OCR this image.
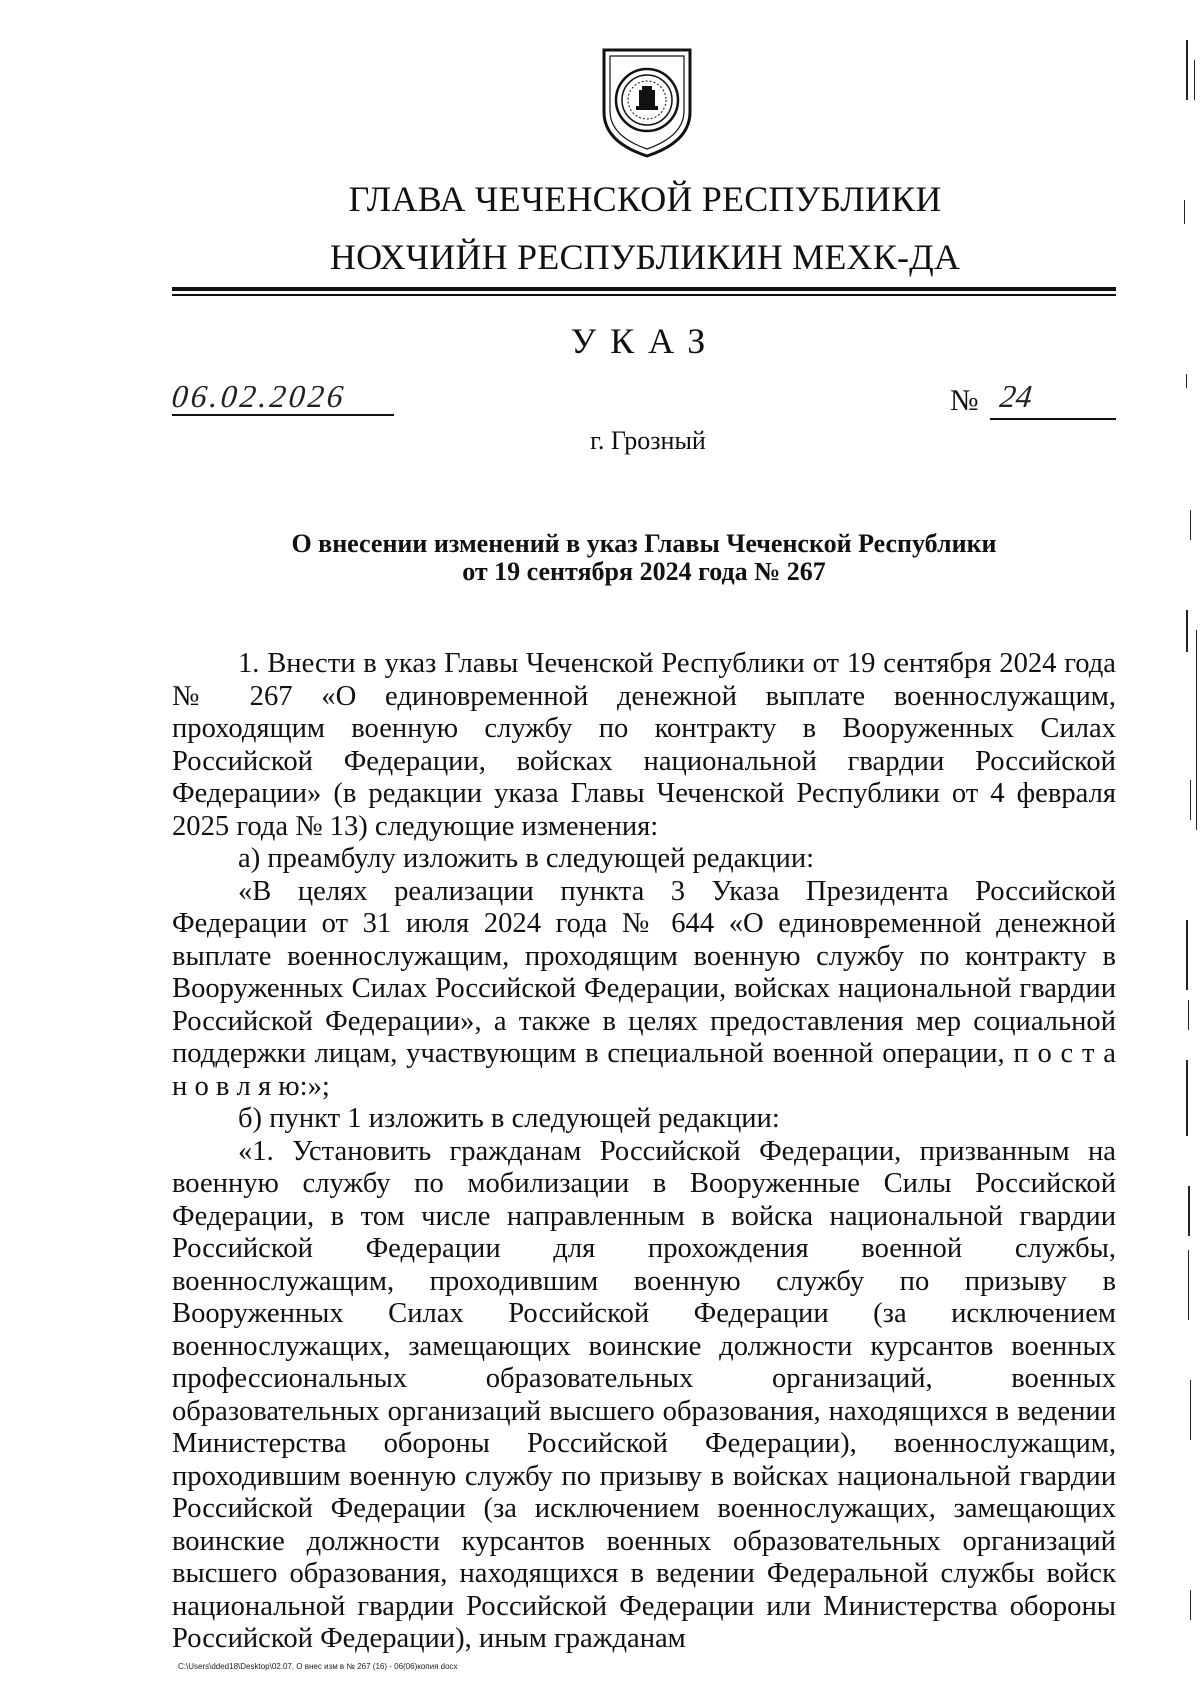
ГЛАВА ЧЕЧЕНСКОЙ РЕСПУБЛИКИ
НОХЧИЙН РЕСПУБЛИКИН МЕХК-ДА
УКАЗ
06.02.2026	№ 24
г. Грозный
О внесении изменений в указ Главы Чеченской Республики
от 19 сентября 2024 года № 267

1. Внести в указ Главы Чеченской Республики от 19 сентября 2024 года № 267 «О единовременной денежной выплате военнослужащим, проходящим военную службу по контракту в Вооруженных Силах Российской Федерации, войсках национальной гвардии Российской Федерации» (в редакции указа Главы Чеченской Республики от 4 февраля 2025 года № 13) следующие изменения:

а) преамбулу изложить в следующей редакции:

«В целях реализации пункта 3 Указа Президента Российской Федерации от 31 июля 2024 года № 644 «О единовременной денежной выплате военнослужащим, проходящим военную службу по контракту в Вооруженных Силах Российской Федерации, войсках национальной гвардии Российской Федерации», а также в целях предоставления мер социальной поддержки лицам, участвующим в специальной военной операции, п о с т а н о в л я ю:»;

б) пункт 1 изложить в следующей редакции:

«1. Установить гражданам Российской Федерации, призванным на военную службу по мобилизации в Вооруженные Силы Российской Федерации, в том числе направленным в войска национальной гвардии Российской Федерации для прохождения военной службы, военнослужащим, проходившим военную службу по призыву в Вооруженных Силах Российской Федерации (за исключением военнослужащих, замещающих воинские должности курсантов военных профессиональных образовательных организаций, военных образовательных организаций высшего образования, находящихся в ведении Министерства обороны Российской Федерации), военнослужащим, проходившим военную службу по призыву в войсках национальной гвардии Российской Федерации (за исключением военнослужащих, замещающих воинские должности курсантов военных образовательных организаций высшего образования, находящихся в ведении Федеральной службы войск национальной гвардии Российской Федерации или Министерства обороны Российской Федерации), иным гражданам

C:\Users\dded18\Desktop\02.07. О внес изм в № 267 (16) - 06(06)копия docx
